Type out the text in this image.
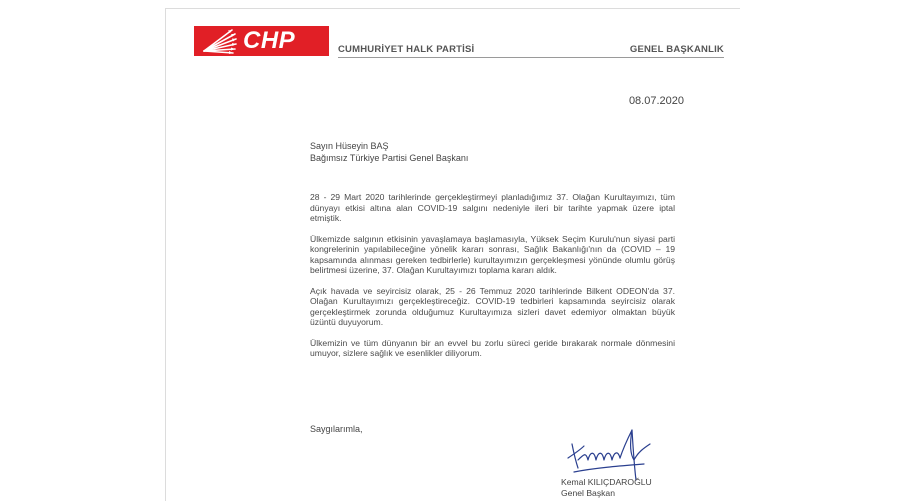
CHP	CUMHURİYET HALK PARTİSİ	GENEL BAŞKANLIK
08.07.2020
Sayın Hüseyin BAŞ
Bağımsız Türkiye Partisi Genel Başkanı

28 - 29 Mart 2020 tarihlerinde gerçekleştirmeyi planladığımız 37. Olağan Kurultayımızı, tüm dünyayı etkisi altına alan COVID-19 salgını nedeniyle ileri bir tarihte yapmak üzere iptal etmiştik.

Ülkemizde salgının etkisinin yavaşlamaya başlamasıyla, Yüksek Seçim Kurulu'nun siyasi parti kongrelerinin yapılabileceğine yönelik kararı sonrası, Sağlık Bakanlığı'nın da (COVID – 19 kapsamında alınması gereken tedbirlerle) kurultayımızın gerçekleşmesi yönünde olumlu görüş belirtmesi üzerine, 37. Olağan Kurultayımızı toplama kararı aldık.

Açık havada ve seyircisiz olarak, 25 - 26 Temmuz 2020 tarihlerinde Bilkent ODEON'da 37. Olağan Kurultayımızı gerçekleştireceğiz. COVID-19 tedbirleri kapsamında seyircisiz olarak gerçekleştirmek zorunda olduğumuz Kurultayımıza sizleri davet edemiyor olmaktan büyük üzüntü duyuyorum.

Ülkemizin ve tüm dünyanın bir an evvel bu zorlu süreci geride bırakarak normale dönmesini umuyor, sizlere sağlık ve esenlikler diliyorum.

Saygılarımla,
Kemal KILIÇDAROĞLU
Genel Başkan
